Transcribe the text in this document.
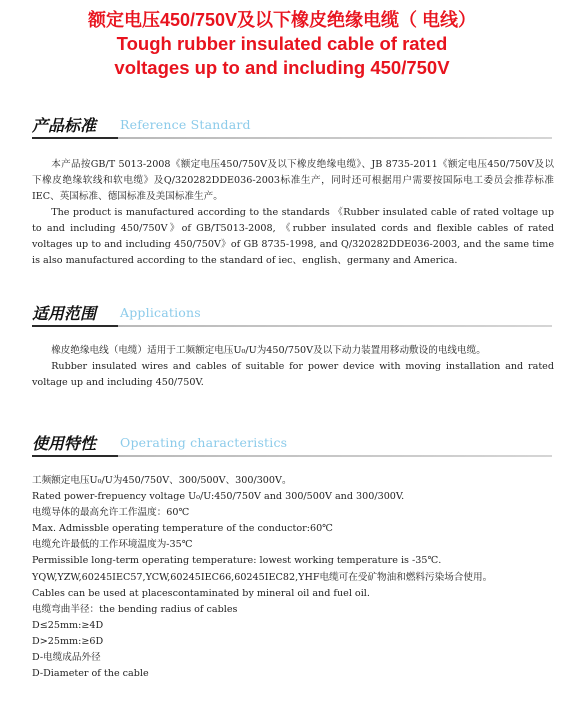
额定电压450/750V及以下橡皮绝缘电缆（ 电线）
Tough rubber insulated cable of rated
voltages up to and including 450/750V
产品标准 Reference Standard

本产品按GB/T 5013-2008《额定电压450/750V及以下橡皮绝缘电缆》、JB 8735-2011《额定电压450/750V及以下橡皮绝缘软线和软电缆》及Q/320282DDE036-2003标准生产，同时还可根据用户需要按国际电工委员会推荐标准IEC、英国标准、德国标准及美国标准生产。

The product is manufactured according to the standards 《Rubber insulated cable of rated voltage up to and including 450/750V》of GB/T5013-2008, 《rubber insulated cords and flexible cables of rated voltages up to and including 450/750V》of GB 8735-1998, and Q/320282DDE036-2003, and the same time is also manufactured according to the standard of iec、english、germany and America.

适用范围 Applications

橡皮绝缘电线（电缆）适用于工频额定电压U₀/U为450/750V及以下动力装置用移动敷设的电线电缆。

Rubber insulated wires and cables of suitable for power device with moving installation and rated voltage up and including 450/750V.

使用特性 Operating characteristics
工频额定电压U₀/U为450/750V、300/500V、300/300V。
Rated power-frepuency voltage U₀/U:450/750V and 300/500V and 300/300V.
电缆导体的最高允许工作温度：60℃
Max. Admissble operating temperature of the conductor:60℃
电缆允许最低的工作环境温度为-35℃
Permissible long-term operating temperature: lowest working temperature is -35℃.
YQW,YZW,60245IEC57,YCW,60245IEC66,60245IEC82,YHF电缆可在受矿物油和燃料污染场合使用。
Cables can be used at placescontaminated by mineral oil and fuel oil.
电缆弯曲半径：the bending radius of cables
D≤25mm:≥4D
D>25mm:≥6D
D-电缆成品外径
D-Diameter of the cable
